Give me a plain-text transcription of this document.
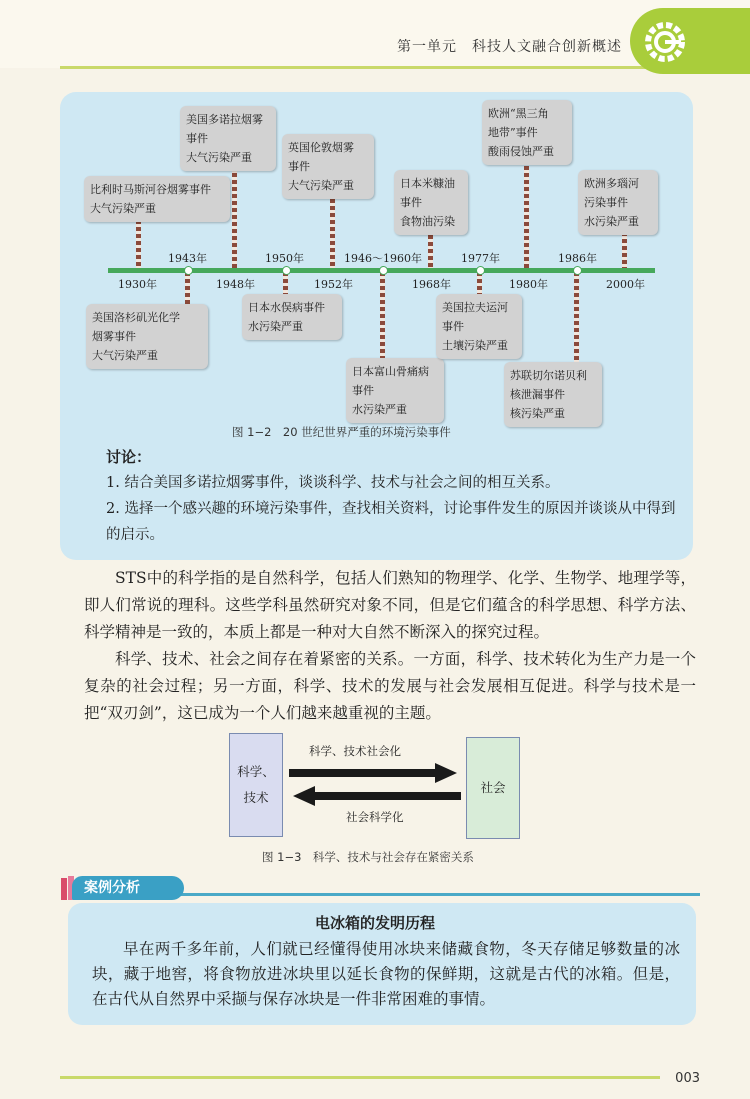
第一单元　科技人文融合创新概述
1943年	1950年	1946～1960年	1977年	1986年
1930年	1948年	1952年	1968年	1980年	2000年
比利时马斯河谷烟雾事件
大气污染严重
美国多诺拉烟雾
事件
大气污染严重
英国伦敦烟雾
事件
大气污染严重	日本米糠油
事件
食物油污染
欧洲“黑三角
地带”事件
酸雨侵蚀严重
欧洲多瑙河
污染事件
水污染严重
美国洛杉矶光化学
烟雾事件
大气污染严重
日本水俣病事件
水污染严重
日本富山骨痛病
事件
水污染严重
美国拉夫运河
事件
土壤污染严重
苏联切尔诺贝利
核泄漏事件
核污染严重
图 1−2　20 世纪世界严重的环境污染事件
讨论：
1. 结合美国多诺拉烟雾事件，谈谈科学、技术与社会之间的相互关系。
2. 选择一个感兴趣的环境污染事件，查找相关资料，讨论事件发生的原因并谈谈从中得到的启示。
STS中的科学指的是自然科学，包括人们熟知的物理学、化学、生物学、地理学等，即人们常说的理科。这些学科虽然研究对象不同，但是它们蕴含的科学思想、科学方法、科学精神是一致的，本质上都是一种对大自然不断深入的探究过程。
科学、技术、社会之间存在着紧密的关系。一方面，科学、技术转化为生产力是一个复杂的社会过程；另一方面，科学、技术的发展与社会发展相互促进。科学与技术是一把“双刃剑”，这已成为一个人们越来越重视的主题。
科学、
技术
社会
科学、技术社会化
社会科学化
图 1−3　科学、技术与社会存在紧密关系
案例分析
电冰箱的发明历程
早在两千多年前，人们就已经懂得使用冰块来储藏食物，冬天存储足够数量的冰块，藏于地窖，将食物放进冰块里以延长食物的保鲜期，这就是古代的冰箱。但是，在古代从自然界中采撷与保存冰块是一件非常困难的事情。
003
